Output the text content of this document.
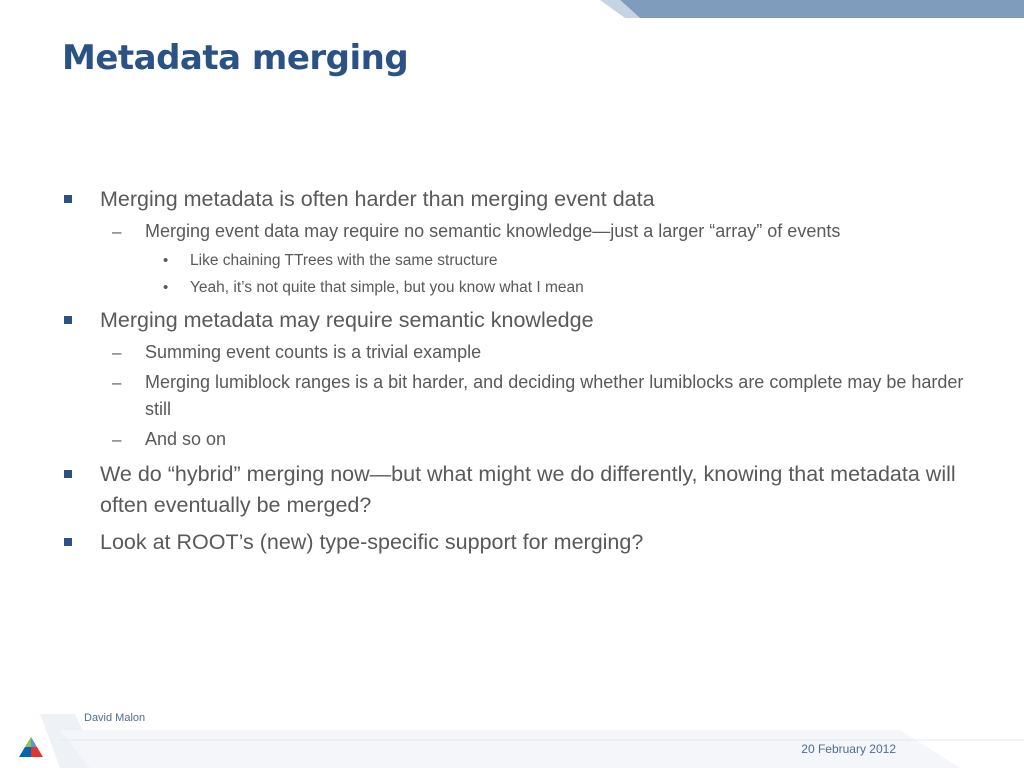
Metadata merging
Merging metadata is often harder than merging event data
– Merging event data may require no semantic knowledge—just a larger “array” of events
• Like chaining TTrees with the same structure
• Yeah, it’s not quite that simple, but you know what I mean
Merging metadata may require semantic knowledge
– Summing event counts is a trivial example
– Merging lumiblock ranges is a bit harder, and deciding whether lumiblocks are complete may be harder still
– And so on
We do “hybrid” merging now—but what might we do differently, knowing that metadata will often eventually be merged?
Look at ROOT’s (new) type-specific support for merging?
David Malon
20 February 2012
